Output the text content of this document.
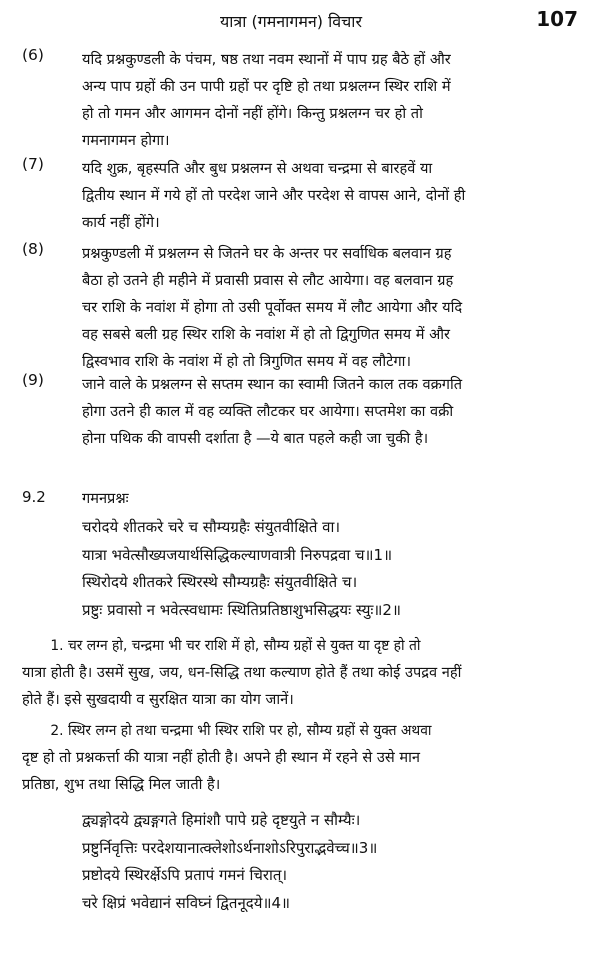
यात्रा (गमनागमन) विचार	107
(6)	यदि प्रश्नकुण्डली के पंचम, षष्ठ तथा नवम स्थानों में पाप ग्रह बैठे हों और

अन्य पाप ग्रहों की उन पापी ग्रहों पर दृष्टि हो तथा प्रश्नलग्न स्थिर राशि में

हो तो गमन और आगमन दोनों नहीं होंगे। किन्तु प्रश्नलग्न चर हो तो

गमनागमन होगा।

(7)	यदि शुक्र, बृहस्पति और बुध प्रश्नलग्न से अथवा चन्द्रमा से बारहवें या

द्वितीय स्थान में गये हों तो परदेश जाने और परदेश से वापस आने, दोनों ही

कार्य नहीं होंगे।

(8)	प्रश्नकुण्डली में प्रश्नलग्न से जितने घर के अन्तर पर सर्वाधिक बलवान ग्रह

बैठा हो उतने ही महीने में प्रवासी प्रवास से लौट आयेगा। वह बलवान ग्रह

चर राशि के नवांश में होगा तो उसी पूर्वोक्त समय में लौट आयेगा और यदि

वह सबसे बली ग्रह स्थिर राशि के नवांश में हो तो द्विगुणित समय में और

द्विस्वभाव राशि के नवांश में हो तो त्रिगुणित समय में वह लौटेगा।

(9)	जाने वाले के प्रश्नलग्न से सप्तम स्थान का स्वामी जितने काल तक वक्रगति

होगा उतने ही काल में वह व्यक्ति लौटकर घर आयेगा। सप्तमेश का वक्री

होना पथिक की वापसी दर्शाता है —ये बात पहले कही जा चुकी है।

9.2 गमनप्रश्नः

चरोदये शीतकरे चरे च सौम्यग्रहैः संयुतवीक्षिते वा।

यात्रा भवेत्सौख्यजयार्थसिद्धिकल्याणवात्री निरुपद्रवा च॥1॥

स्थिरोदये शीतकरे स्थिरस्थे सौम्यग्रहैः संयुतवीक्षिते च।

प्रष्टुः प्रवासो न भवेत्स्वधामः स्थितिप्रतिष्ठाशुभसिद्धयः स्युः॥2॥

1. चर लग्न हो, चन्द्रमा भी चर राशि में हो, सौम्य ग्रहों से युक्त या दृष्ट हो तो

यात्रा होती है। उसमें सुख, जय, धन-सिद्धि तथा कल्याण होते हैं तथा कोई उपद्रव नहीं

होते हैं। इसे सुखदायी व सुरक्षित यात्रा का योग जानें।

2. स्थिर लग्न हो तथा चन्द्रमा भी स्थिर राशि पर हो, सौम्य ग्रहों से युक्त अथवा

दृष्ट हो तो प्रश्नकर्त्ता की यात्रा नहीं होती है। अपने ही स्थान में रहने से उसे मान

प्रतिष्ठा, शुभ तथा सिद्धि मिल जाती है।

द्व्यङ्गोदये द्व्यङ्गगते हिमांशौ पापे ग्रहे दृष्टयुते न सौम्यैः।

प्रष्टुर्निवृत्तिः परदेशयानात्क्लेशोऽर्थनाशोऽरिपुराद्भवेच्च॥3॥

प्रष्टोदये स्थिरर्क्षेऽपि प्रतापं गमनं चिरात्।

चरे क्षिप्रं भवेद्यानं सविघ्नं द्वितनूदये॥4॥
